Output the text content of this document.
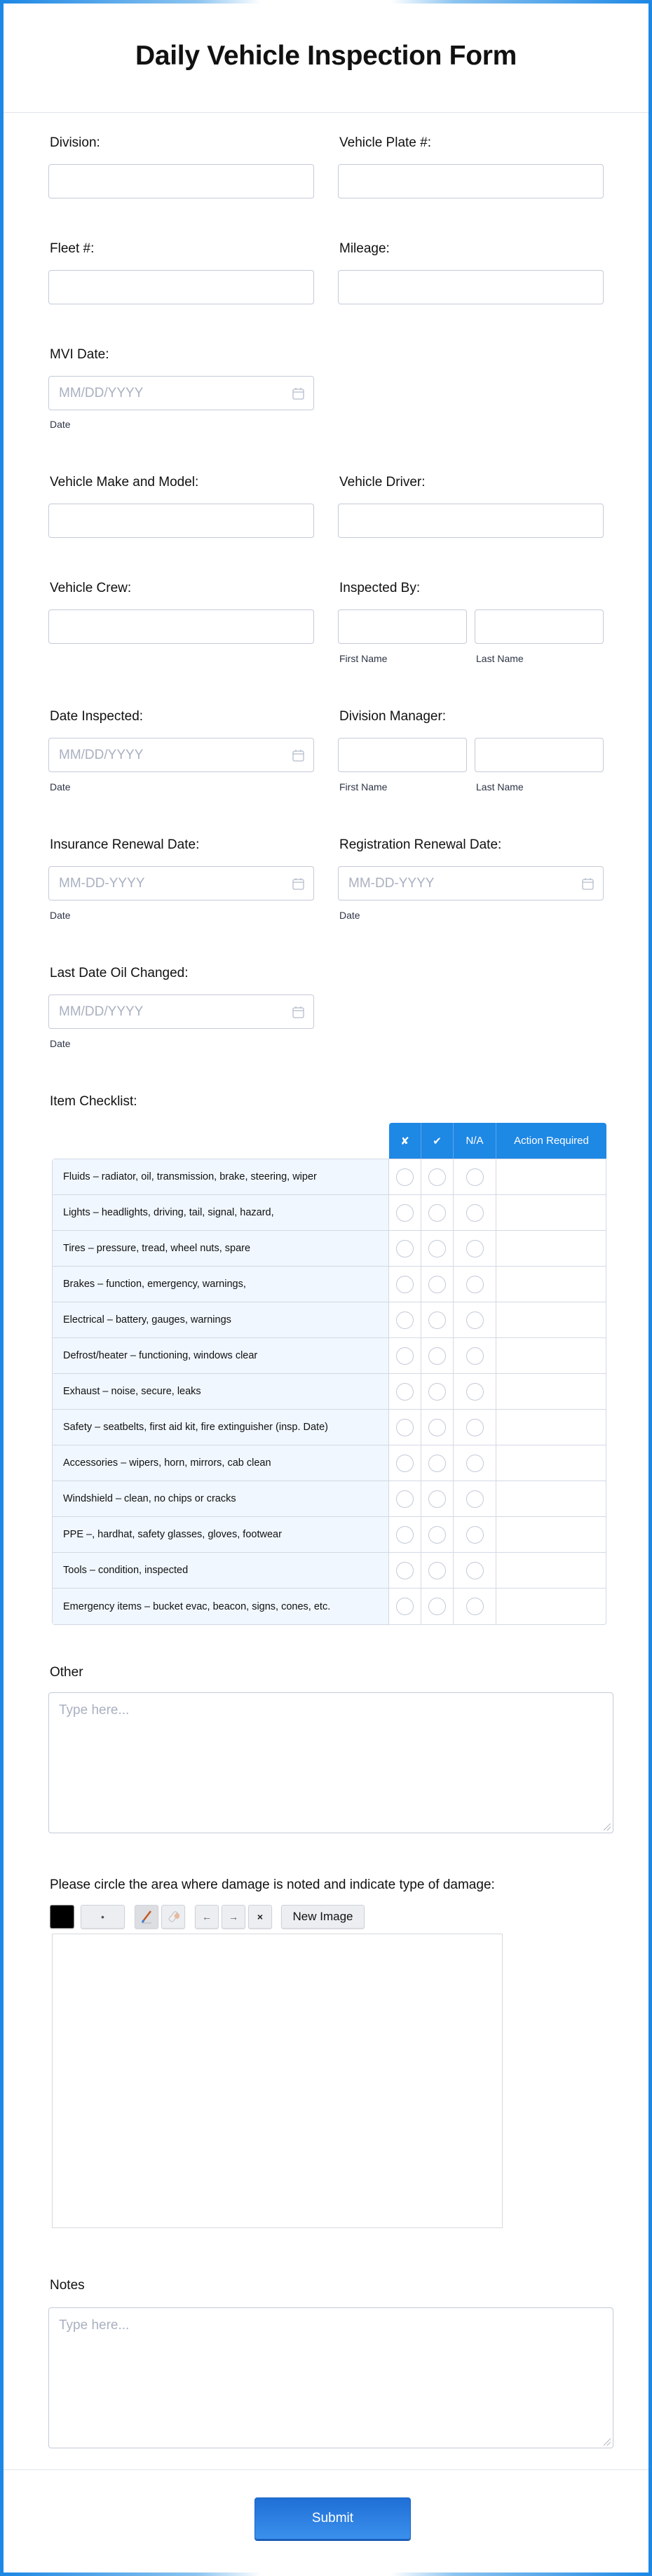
Daily Vehicle Inspection Form
Division:	Vehicle Plate #:
Fleet #:	Mileage:
MVI Date:
MM/DD/YYYY
Date
Vehicle Make and Model:	Vehicle Driver:
Vehicle Crew:	Inspected By:
First Name	Last Name
Date Inspected:
MM/DD/YYYY
Date
Division Manager:
First Name	Last Name
Insurance Renewal Date:
MM-DD-YYYY
Date
Registration Renewal Date:
MM-DD-YYYY
Date
Last Date Oil Changed:
MM/DD/YYYY
Date
Item Checklist:
✘	✔	N/A	Action Required
Fluids – radiator, oil, transmission, brake, steering, wiper
Lights – headlights, driving, tail, signal, hazard,
Tires – pressure, tread, wheel nuts, spare
Brakes – function, emergency, warnings,
Electrical – battery, gauges, warnings
Defrost/heater – functioning, windows clear
Exhaust – noise, secure, leaks
Safety – seatbelts, first aid kit, fire extinguisher (insp. Date)
Accessories – wipers, horn, mirrors, cab clean
Windshield – clean, no chips or cracks
PPE –, hardhat, safety glasses, gloves, footwear
Tools – condition, inspected
Emergency items – bucket evac, beacon, signs, cones, etc.
Other
Type here...
Please circle the area where damage is noted and indicate type of damage:
•	← → ×	New Image
Notes
Type here...
Submit
